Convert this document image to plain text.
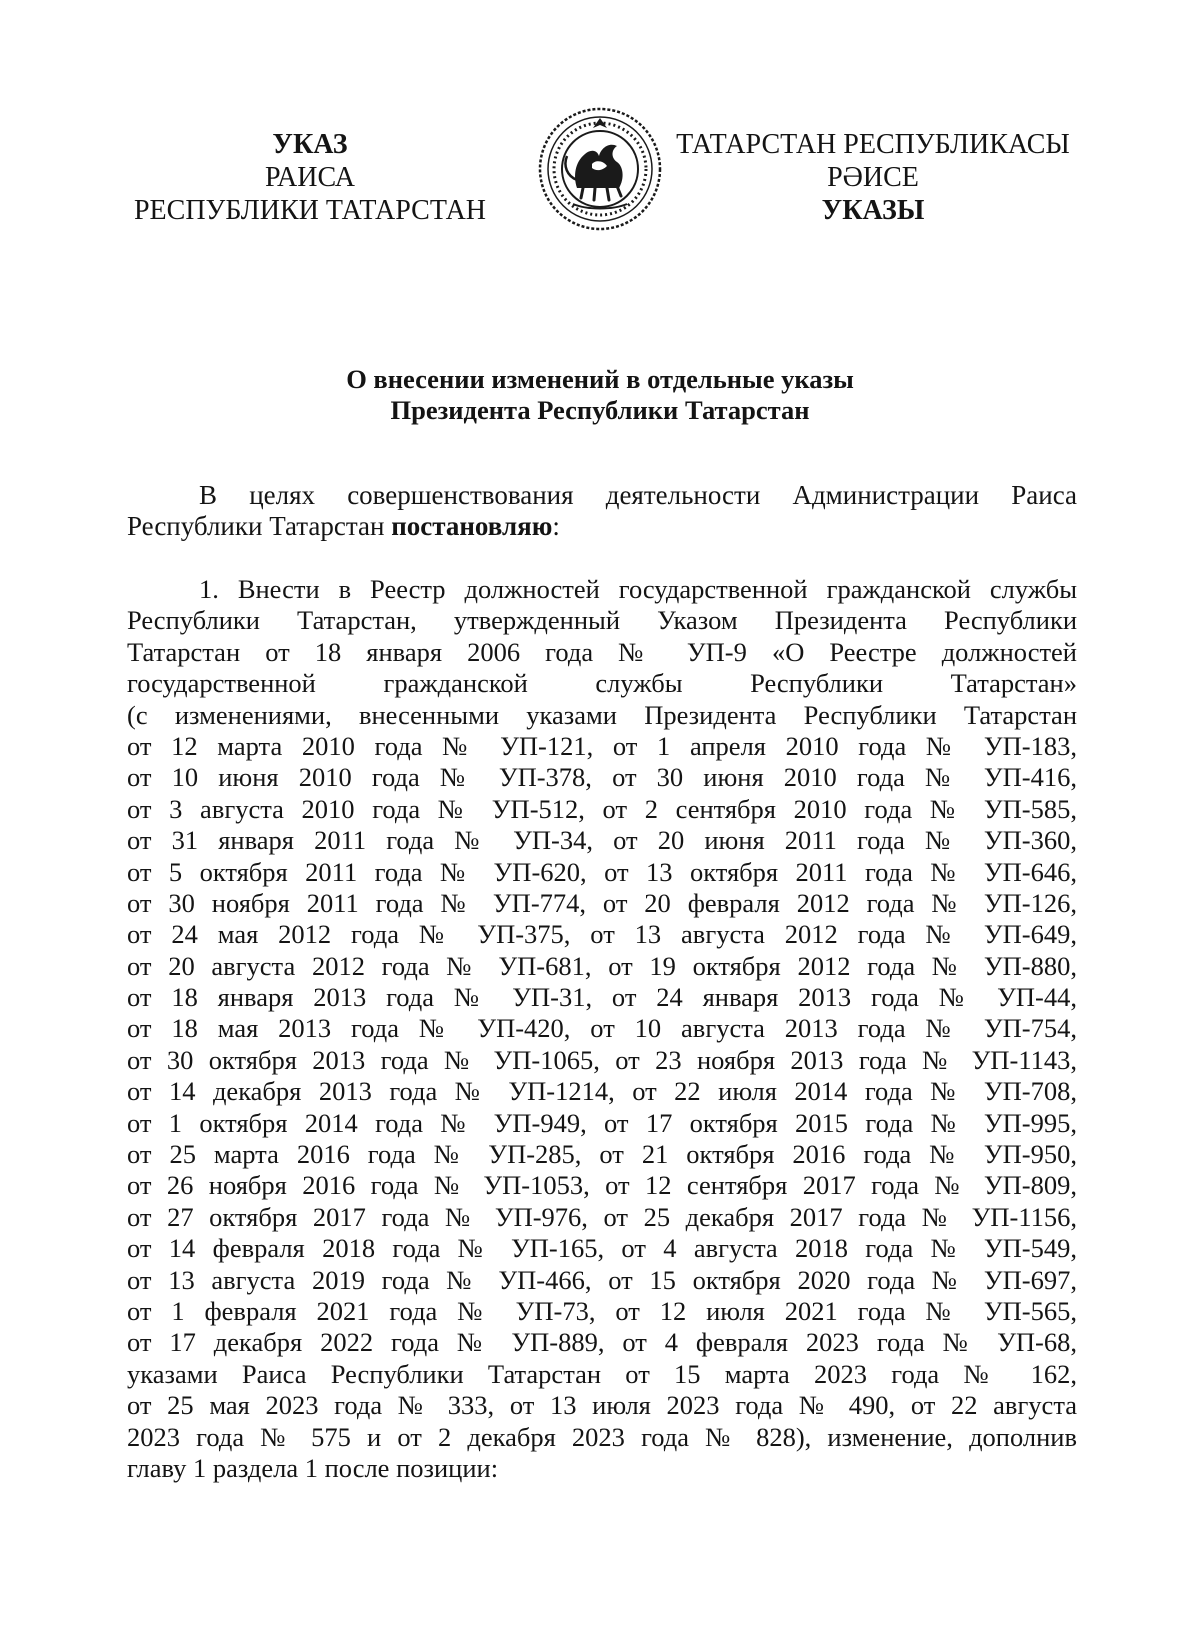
УКАЗ
РАИСА
РЕСПУБЛИКИ ТАТАРСТАН
ТАТАРСТАН РЕСПУБЛИКАСЫ
РӘИСЕ
УКАЗЫ
О внесении изменений в отдельные указы
Президента Республики Татарстан
В целях совершенствования деятельности Администрации Раиса
Республики Татарстан постановляю:
1. Внести в Реестр должностей государственной гражданской службы
Республики Татарстан, утвержденный Указом Президента Республики
Татарстан от 18 января 2006 года № УП-9 «О Реестре должностей
государственной гражданской службы Республики Татарстан»
(с изменениями, внесенными указами Президента Республики Татарстан
от 12 марта 2010 года № УП-121, от 1 апреля 2010 года № УП-183,
от 10 июня 2010 года № УП-378, от 30 июня 2010 года № УП-416,
от 3 августа 2010 года № УП-512, от 2 сентября 2010 года № УП-585,
от 31 января 2011 года № УП-34, от 20 июня 2011 года № УП-360,
от 5 октября 2011 года № УП-620, от 13 октября 2011 года № УП-646,
от 30 ноября 2011 года № УП-774, от 20 февраля 2012 года № УП-126,
от 24 мая 2012 года № УП-375, от 13 августа 2012 года № УП-649,
от 20 августа 2012 года № УП-681, от 19 октября 2012 года № УП-880,
от 18 января 2013 года № УП-31, от 24 января 2013 года № УП-44,
от 18 мая 2013 года № УП-420, от 10 августа 2013 года № УП-754,
от 30 октября 2013 года № УП-1065, от 23 ноября 2013 года № УП-1143,
от 14 декабря 2013 года № УП-1214, от 22 июля 2014 года № УП-708,
от 1 октября 2014 года № УП-949, от 17 октября 2015 года № УП-995,
от 25 марта 2016 года № УП-285, от 21 октября 2016 года № УП-950,
от 26 ноября 2016 года № УП-1053, от 12 сентября 2017 года № УП-809,
от 27 октября 2017 года № УП-976, от 25 декабря 2017 года № УП-1156,
от 14 февраля 2018 года № УП-165, от 4 августа 2018 года № УП-549,
от 13 августа 2019 года № УП-466, от 15 октября 2020 года № УП-697,
от 1 февраля 2021 года № УП-73, от 12 июля 2021 года № УП-565,
от 17 декабря 2022 года № УП-889, от 4 февраля 2023 года № УП-68,
указами Раиса Республики Татарстан от 15 марта 2023 года № 162,
от 25 мая 2023 года № 333, от 13 июля 2023 года № 490, от 22 августа
2023 года № 575 и от 2 декабря 2023 года № 828), изменение, дополнив
главу 1 раздела 1 после позиции:
